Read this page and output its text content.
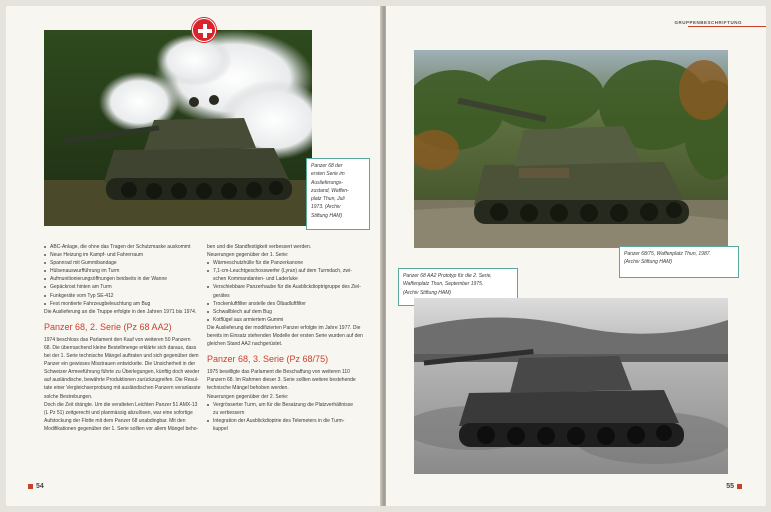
Panzer 68 der
ersten Serie im
Auslieferungs-
zustand, Waffen-
platz Thun, Juli
1973. (Archiv
Stiftung HAM)
ABC-Anlage, die ohne das Tragen der Schutzmaske auskommt
Neue Heizung im Kampf- und Fahrerraum
Spannrad mit Gummibandage
Hülsenauswurfführung im Turm
Aufmunitionierungsöffnungen beidseits in der Wanne
Gepäckrost hinten am Turm
Funkgeräte vom Typ SE-412
Fest montierte Fahrzeugbeleuchtung am Bug

Die Auslieferung an die Truppe erfolgte in den Jahren 1971 bis 1974.

Panzer 68, 2. Serie (Pz 68 AA2)
1974 beschloss das Parlament den Kauf von weiteren 50 Panzern
68. Die überraschend kleine Bestellmenge erklärte sich daraus, dass
bei der 1. Serie technische Mängel auftraten und sich gegenüber dem
Panzer ein gewisses Misstrauen entwickelte. Die Unsicherheit in der
Schweizer Armeeführung führte zu Überlegungen, künftig doch wieder
auf ausländische, bewährte Produktionen zurückzugreifen. Die Resul-
tate einer Vergleichserprobung mit ausländischen Panzern veranlasste
solche Bestrebungen.
Doch die Zeit drängte. Um die veralteten Leichten Panzer 51 AMX-13
(L Pz 51) zeitgerecht und planmässig abzulösen, war eine sofortige
Aufstockung der Flotte mit dem Panzer 68 unabdingbar. Mit den
Modifikationen gegenüber der 1. Serie sollten vor allem Mängel beho-
ben und die Standfestigkeit verbessert werden.
Neuerungen gegenüber der 1. Serie:
Wärmeschutzhülle für die Panzerkanone
7,1-cm-Leuchtgeschosswerfer (Lyran) auf dem Turmdach, zwi-
schen Kommandanten- und Laderluke
Verschiebbare Panzerhaube für die Ausblickdioptrigruppe des Ziel-
gerätes
Trockenluftfilter anstelle des Ölbadluftfilter
Schwallblech auf dem Bug
Kotflügel aus armiertem Gummi
Die Auslieferung der modifizierten Panzer erfolgte im Jahre 1977. Die
bereits im Einsatz stehenden Modelle der ersten Serie wurden auf den
gleichen Stand AA2 nachgerüstet.
Panzer 68, 3. Serie (Pz 68/75)
1975 bewilligte das Parlament die Beschaffung von weiteren 110
Panzern 68. Im Rahmen dieser 3. Serie sollten weitere bestehende
technische Mängel behoben werden.
Neuerungen gegenüber der 2. Serie:
Vergrösserter Turm, um für die Besatzung die Platzverhältnisse
zu verbessern
Integration der Ausblickdioptrie des Telemeters in die Turm-
kuppel
54
GRUPPENBESCHRIFTUNG
Panzer 68/75, Waffenplatz Thun, 1987.
(Archiv Stiftung HAM)
Panzer 68 AA2 Prototyp für die 2. Serie,
Waffenplatz Thun, September 1975.
(Archiv Stiftung HAM)
55
